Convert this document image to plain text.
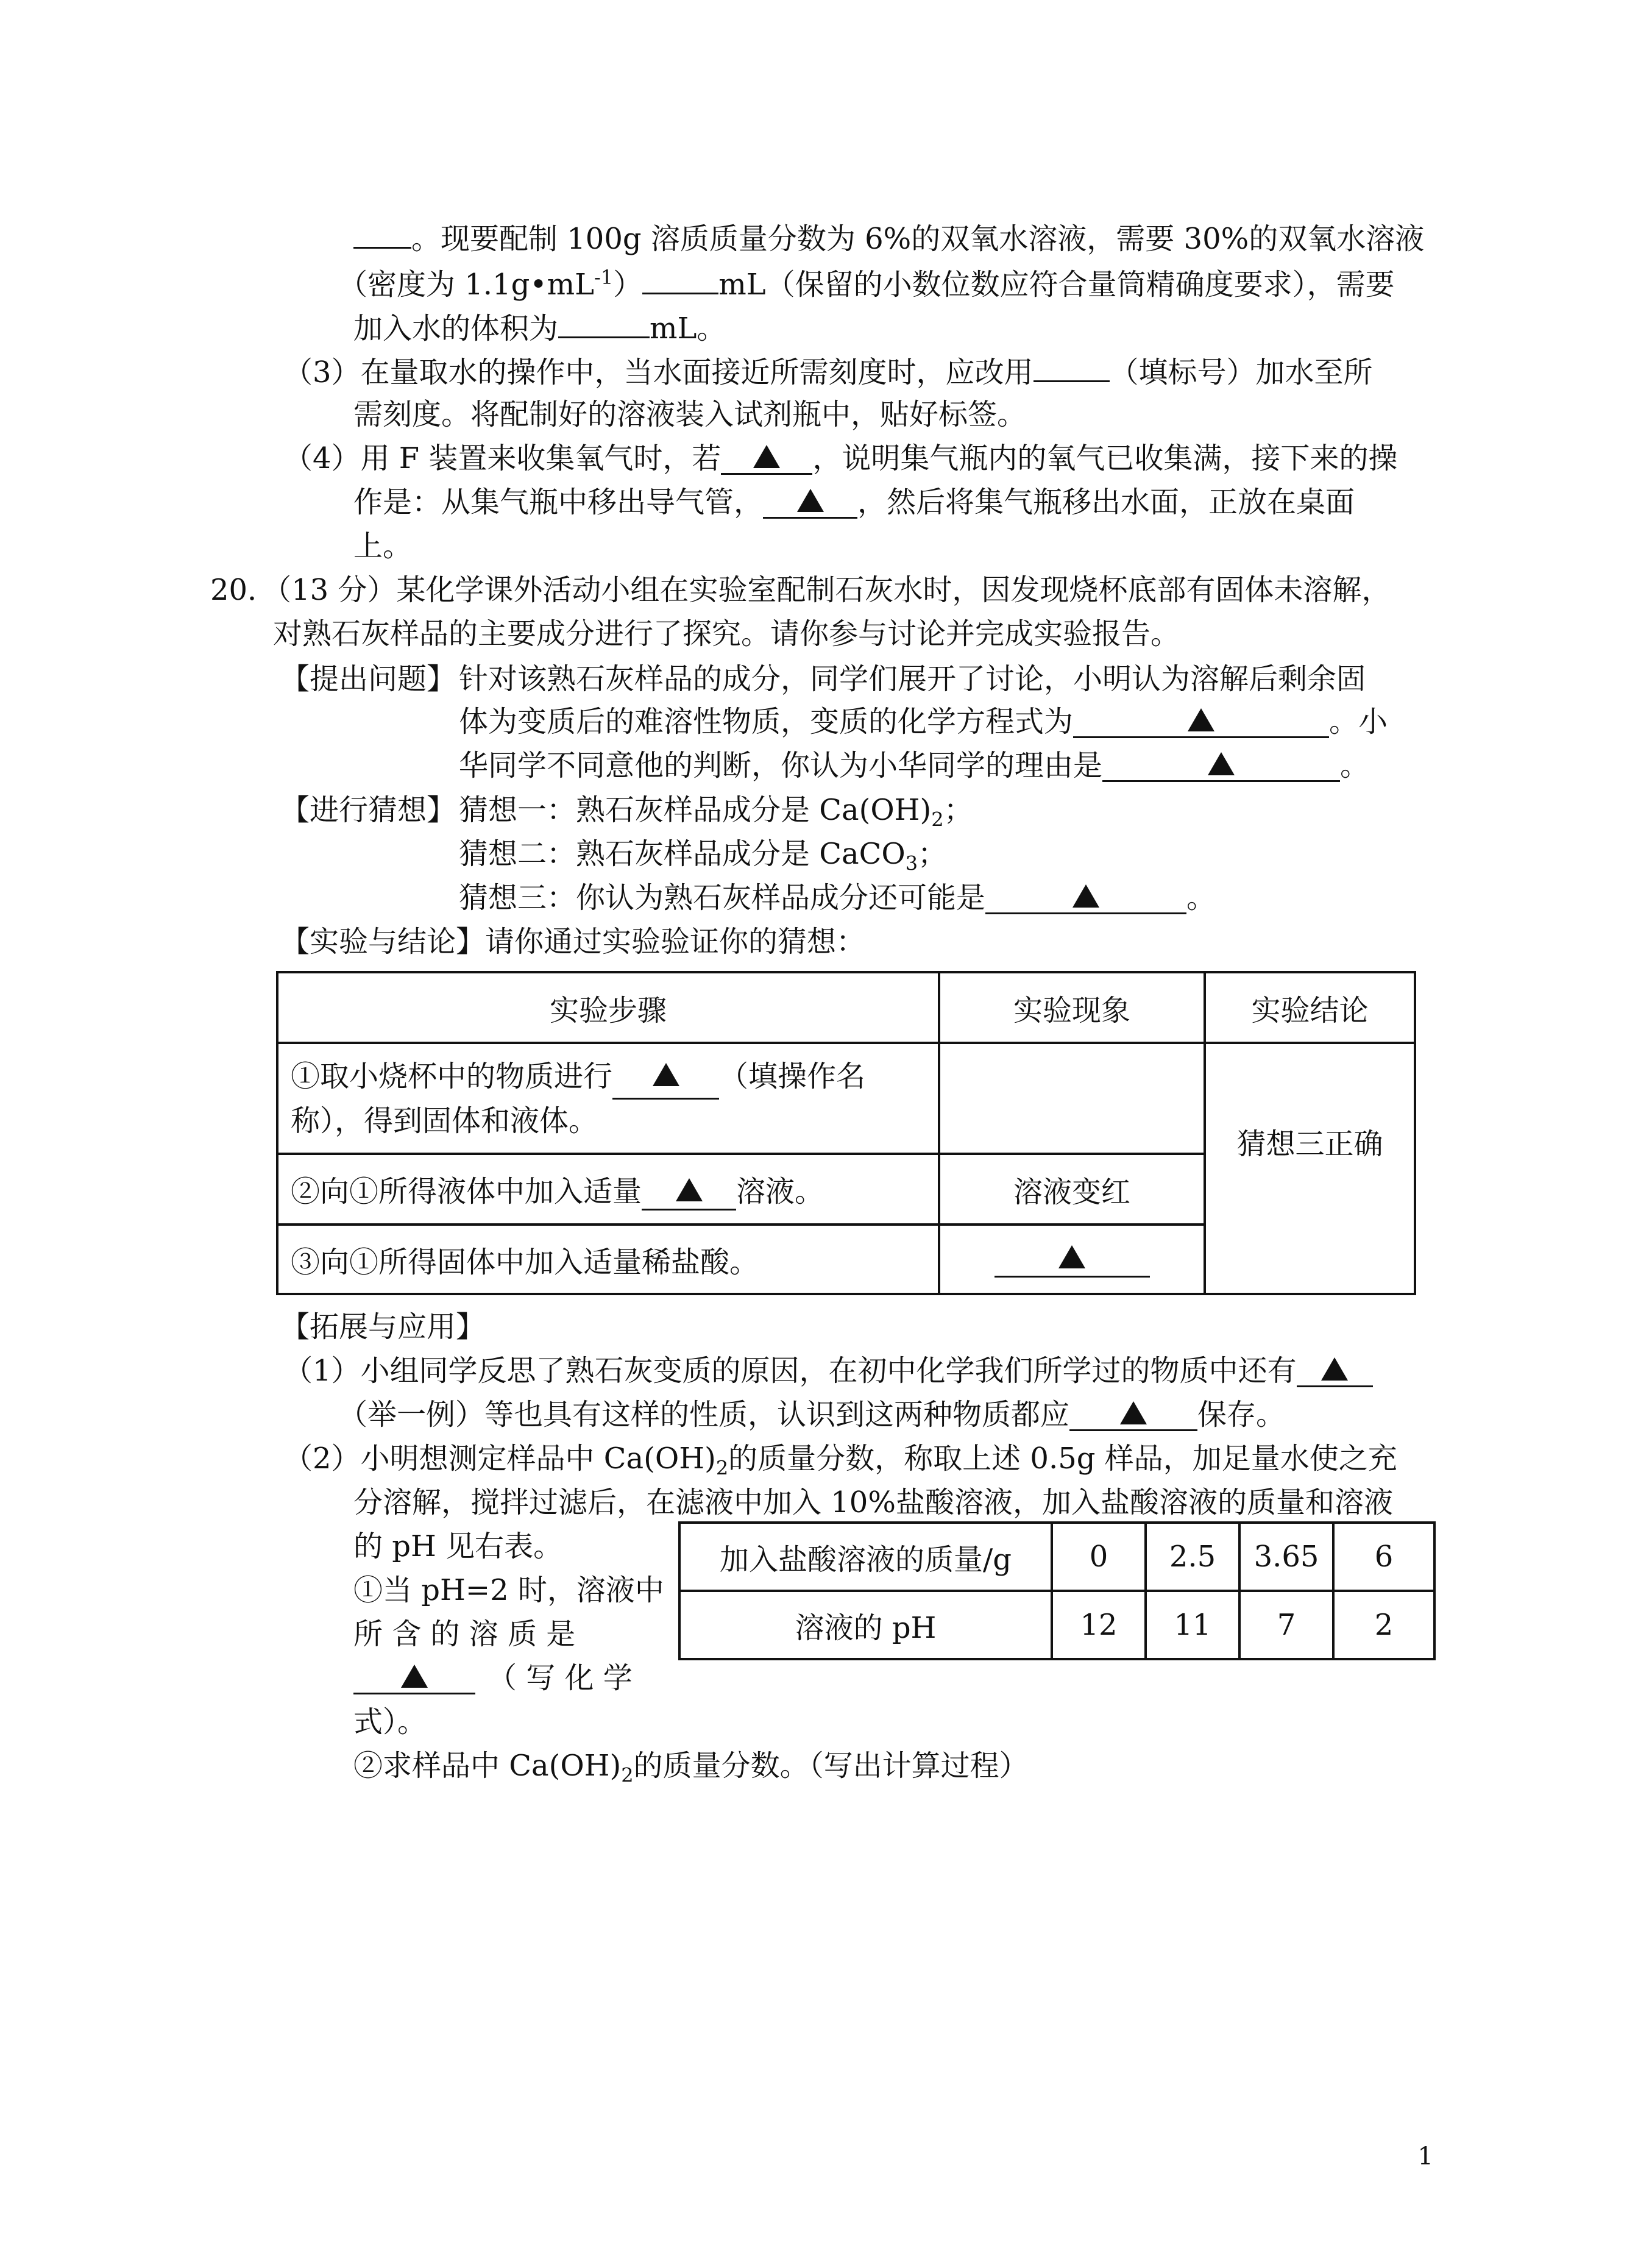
。现要配制 100g 溶质质量分数为 6%的双氧水溶液，需要 30%的双氧水溶液
（密度为 $1.1g•mL^{-1}$）	mL（保留的小数位数应符合量筒精确度要求），需要
加入水的体积为	mL。
（3）在量取水的操作中，当水面接近所需刻度时，应改用	（填标号）加水至所
需刻度。将配制好的溶液装入试剂瓶中，贴好标签。
（4）用 F 装置来收集氧气时，若	，说明集气瓶内的氧气已收集满，接下来的操
作是：从集气瓶中移出导气管，	，然后将集气瓶移出水面，正放在桌面
上。
20．（13 分）某化学课外活动小组在实验室配制石灰水时，因发现烧杯底部有固体未溶解，
对熟石灰样品的主要成分进行了探究。请你参与讨论并完成实验报告。
【提出问题】 针对该熟石灰样品的成分，同学们展开了讨论，小明认为溶解后剩余固
体为变质后的难溶性物质，变质的化学方程式为	。小
华同学不同意他的判断，你认为小华同学的理由是	。
【进行猜想】 猜想一：熟石灰样品成分是 $Ca(OH)_2$；
猜想二：熟石灰样品成分是 CaCO$_3$；
猜想三：你认为熟石灰样品成分还可能是	。
【实验与结论】请你通过实验验证你的猜想：
实验步骤	实验现象	实验结论
①取小烧杯中的物质进行 （填操作名
称），得到固体和液体。		猜想三正确
②向①所得液体中加入适量 溶液。	溶液变红	
③向①所得固体中加入适量稀盐酸。		
【拓展与应用】
（1）小组同学反思了熟石灰变质的原因，在初中化学我们所学过的物质中还有
（举一例）等也具有这样的性质，认识到这两种物质都应	保存。
（2）小明想测定样品中 $Ca(OH)_2$的质量分数，称取上述 0.5g 样品，加足量水使之充
分溶解，搅拌过滤后，在滤液中加入 10%盐酸溶液，加入盐酸溶液的质量和溶液
的 pH 见右表。
①当 pH=2 时，溶液中
所 含 的 溶 质 是
（ 写 化 学
式）。
②求样品中 $Ca(OH)_2$的质量分数。（写出计算过程）
加入盐酸溶液的质量/g	0	2.5	3.65	6
溶液的 pH	12	11	7	2
1
